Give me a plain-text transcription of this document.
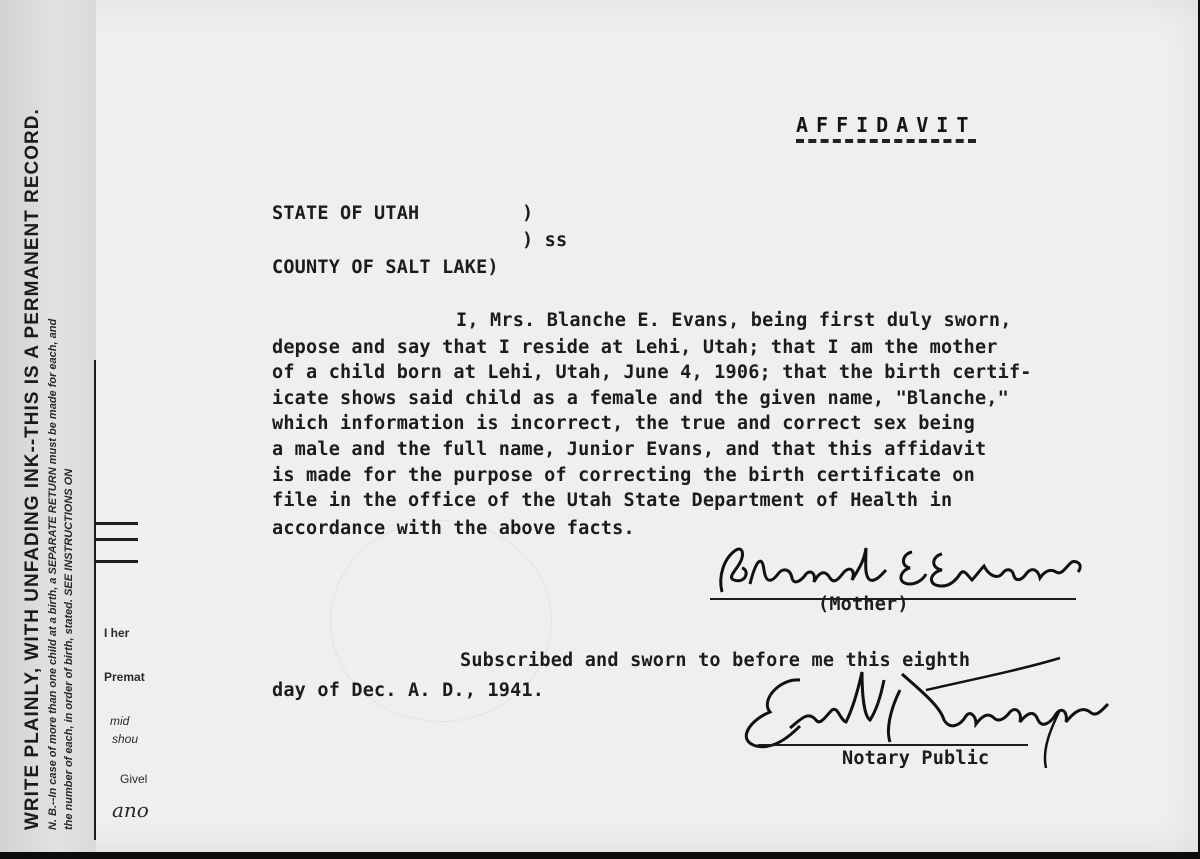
WRITE PLAINLY, WITH UNFADING INK--THIS IS A PERMANENT RECORD. N. B.--In case of more than one child at a birth, a SEPARATE RETURN must be made for each, and the number of each, in order of birth, stated. SEE INSTRUCTIONS ON I her
Premat
mid
shou
Givel
ano
AFFIDAVIT
STATE OF UTAH	)
) ss
COUNTY OF SALT LAKE)
I, Mrs. Blanche E. Evans, being first duly sworn,
depose and say that I reside at Lehi, Utah; that I am the mother
of a child born at Lehi, Utah, June 4, 1906; that the birth certif-
icate shows said child as a female and the given name, "Blanche,"
which information is incorrect, the true and correct sex being
a male and the full name, Junior Evans, and that this affidavit
is made for the purpose of correcting the birth certificate on
file in the office of the Utah State Department of Health in
accordance with the above facts.
(Mother)
Subscribed and sworn to before me this eighth
day of Dec. A. D., 1941.
Notary Public
